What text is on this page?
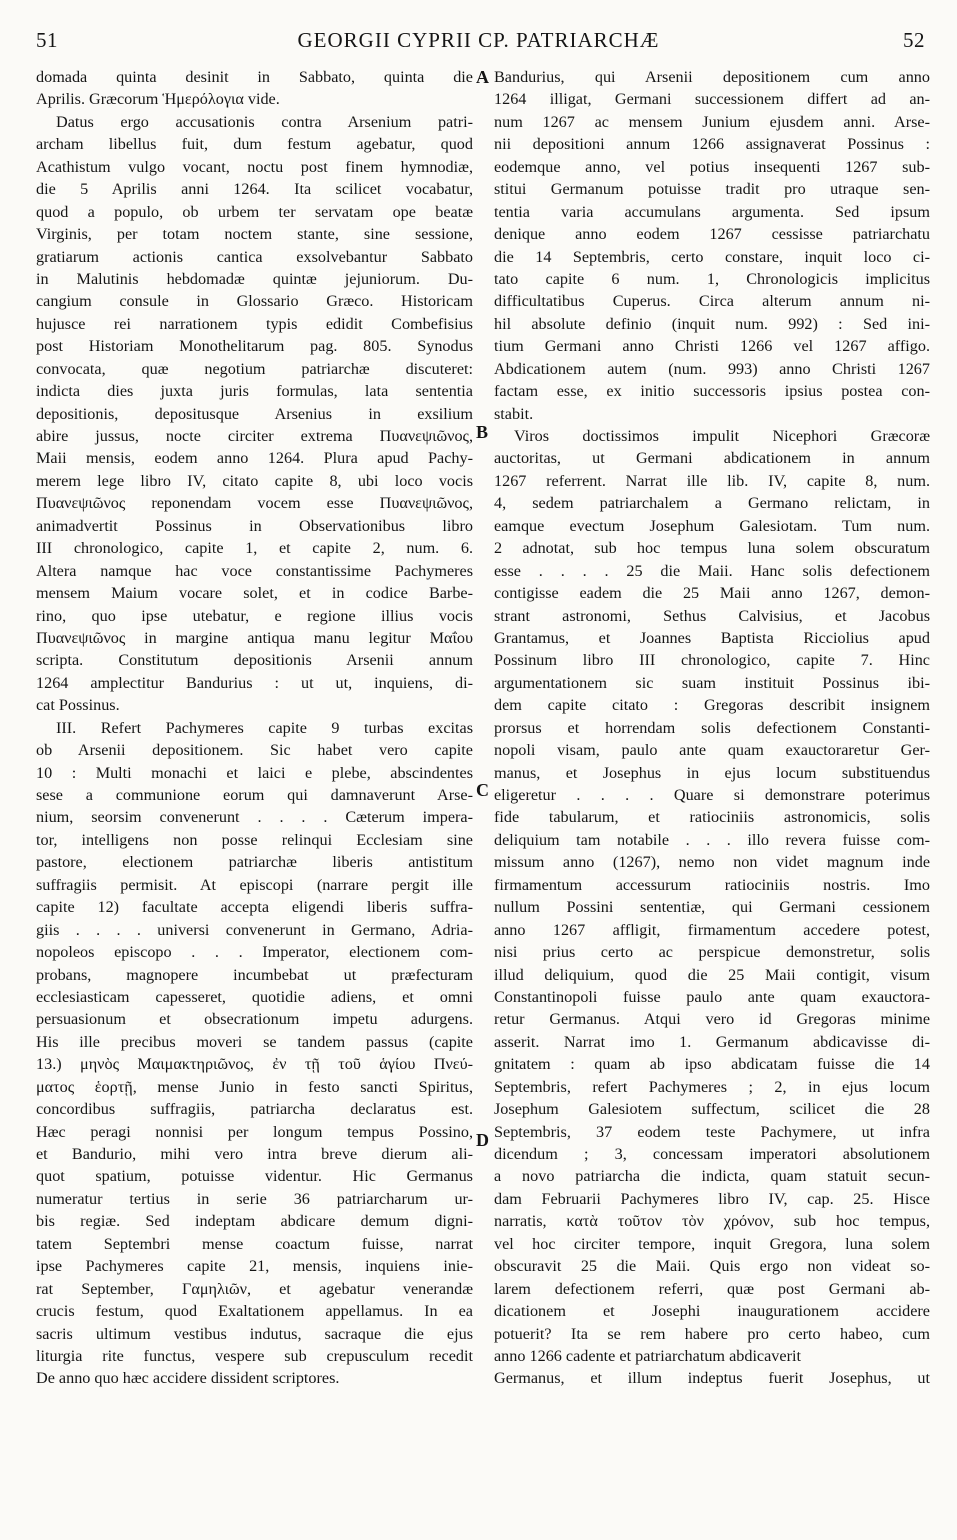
51	GEORGII CYPRII CP. PATRIARCHÆ	52
domada quinta desinit in Sabbato, quinta die
Aprilis. Græcorum Ἡμερόλογια vide.
Datus ergo accusationis contra Arsenium patri-
archam libellus fuit, dum festum agebatur, quod
Acathistum vulgo vocant, noctu post finem hymnodiæ,
die 5 Aprilis anni 1264. Ita scilicet vocabatur,
quod a populo, ob urbem ter servatam ope beatæ
Virginis, per totam noctem stante, sine sessione,
gratiarum actionis cantica exsolvebantur Sabbato
in Malutinis hebdomadæ quintæ jejuniorum. Du-
cangium consule in Glossario Græco. Historicam
hujusce rei narrationem typis edidit Combefisius
post Historiam Monothelitarum pag. 805. Synodus
convocata, quæ negotium patriarchæ discuteret:
indicta dies juxta juris formulas, lata sententia
depositionis, depositusque Arsenius in exsilium
abire jussus, nocte circiter extrema Πυανεψιῶνος,
Maii mensis, eodem anno 1264. Plura apud Pachy-
merem lege libro IV, citato capite 8, ubi loco vocis
Πυανεψιῶνος reponendam vocem esse Πυανεψιῶνος,
animadvertit Possinus in Observationibus libro
III chronologico, capite 1, et capite 2, num. 6.
Altera namque hac voce constantissime Pachymeres
mensem Maium vocare solet, et in codice Barbe-
rino, quo ipse utebatur, e regione illius vocis
Πυανεψιῶνος in margine antiqua manu legitur Μαΐου
scripta. Constitutum depositionis Arsenii annum
1264 amplectitur Bandurius : ut ut, inquiens, di-
cat Possinus.
III. Refert Pachymeres capite 9 turbas excitas
ob Arsenii depositionem. Sic habet vero capite
10 : Multi monachi et laici e plebe, abscindentes
sese a communione eorum qui damnaverunt Arse-
nium, seorsim convenerunt . . . . Cæterum impera-
tor, intelligens non posse relinqui Ecclesiam sine
pastore, electionem patriarchæ liberis antistitum
suffragiis permisit. At episcopi (narrare pergit ille
capite 12) facultate accepta eligendi liberis suffra-
giis . . . . universi convenerunt in Germano, Adria-
nopoleos episcopo . . . Imperator, electionem com-
probans, magnopere incumbebat ut præfecturam
ecclesiasticam capesseret, quotidie adiens, et omni
persuasionum et obsecrationum impetu adurgens.
His ille precibus moveri se tandem passus (capite
13.) μηνὸς Μαιμακτηριῶνος, ἐν τῇ τοῦ ἁγίου Πνεύ-
ματος ἑορτῇ, mense Junio in festo sancti Spiritus,
concordibus suffragiis, patriarcha declaratus est.
Hæc peragi nonnisi per longum tempus Possino,
et Bandurio, mihi vero intra breve dierum ali-
quot spatium, potuisse videntur. Hic Germanus
numeratur tertius in serie 36 patriarcharum ur-
bis regiæ. Sed indeptam abdicare demum digni-
tatem Septembri mense coactum fuisse, narrat
ipse Pachymeres capite 21, mensis, inquiens inie-
rat September, Γαμηλιῶν, et agebatur venerandæ
crucis festum, quod Exaltationem appellamus. In ea
sacris ultimum vestibus indutus, sacraque die ejus
liturgia rite functus, vespere sub crepusculum recedit
De anno quo hæc accidere dissident scriptores.
Bandurius, qui Arsenii depositionem cum anno
1264 illigat, Germani successionem differt ad an-
num 1267 ac mensem Junium ejusdem anni. Arse-
nii depositioni annum 1266 assignaverat Possinus :
eodemque anno, vel potius insequenti 1267 sub-
stitui Germanum potuisse tradit pro utraque sen-
tentia varia accumulans argumenta. Sed ipsum
denique anno eodem 1267 cessisse patriarchatu
die 14 Septembris, certo constare, inquit loco ci-
tato capite 6 num. 1, Chronologicis implicitus
difficultatibus Cuperus. Circa alterum annum ni-
hil absolute definio (inquit num. 992) : Sed ini-
tium Germani anno Christi 1266 vel 1267 affigo.
Abdicationem autem (num. 993) anno Christi 1267
factam esse, ex initio successoris ipsius postea con-
stabit.
Viros doctissimos impulit Nicephori Græcoræ
auctoritas, ut Germani abdicationem in annum
1267 referrent. Narrat ille lib. IV, capite 8, num.
4, sedem patriarchalem a Germano relictam, in
eamque evectum Josephum Galesiotam. Tum num.
2 adnotat, sub hoc tempus luna solem obscuratum
esse . . . . 25 die Maii. Hanc solis defectionem
contigisse eadem die 25 Maii anno 1267, demon-
strant astronomi, Sethus Calvisius, et Jacobus
Grantamus, et Joannes Baptista Ricciolius apud
Possinum libro III chronologico, capite 7. Hinc
argumentationem sic suam instituit Possinus ibi-
dem capite citato : Gregoras describit insignem
prorsus et horrendam solis defectionem Constanti-
nopoli visam, paulo ante quam exauctoraretur Ger-
manus, et Josephus in ejus locum substituendus
eligeretur . . . . Quare si demonstrare poterimus
fide tabularum, et ratiociniis astronomicis, solis
deliquium tam notabile . . . illo revera fuisse com-
missum anno (1267), nemo non videt magnum inde
firmamentum accessurum ratiociniis nostris. Imo
nullum Possini sententiæ, qui Germani cessionem
anno 1267 affligit, firmamentum accedere potest,
nisi prius certo ac perspicue demonstretur, solis
illud deliquium, quod die 25 Maii contigit, visum
Constantinopoli fuisse paulo ante quam exauctora-
retur Germanus. Atqui vero id Gregoras minime
asserit. Narrat imo 1. Germanum abdicavisse di-
gnitatem : quam ab ipso abdicatam fuisse die 14
Septembris, refert Pachymeres ; 2, in ejus locum
Josephum Galesiotem suffectum, scilicet die 28
Septembris, 37 eodem teste Pachymere, ut infra
dicendum ; 3, concessam imperatori absolutionem
a novo patriarcha die indicta, quam statuit secun-
dam Februarii Pachymeres libro IV, cap. 25. Hisce
narratis, κατὰ τοῦτον τὸν χρόνον, sub hoc tempus,
vel hoc circiter tempore, inquit Gregora, luna solem
obscuravit 25 die Maii. Quis ergo non videat so-
larem defectionem referri, quæ post Germani ab-
dicationem et Josephi inaugurationem accidere
potuerit? Ita se rem habere pro certo habeo, cum
anno 1266 cadente et patriarchatum abdicaverit
Germanus, et illum indeptus fuerit Josephus, ut
A
B
C
D
